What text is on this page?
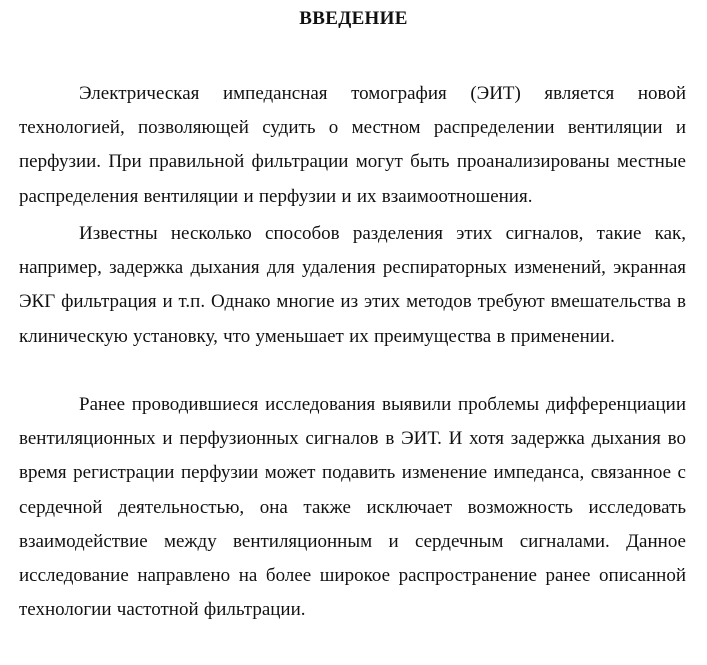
ВВЕДЕНИЕ

Электрическая импедансная томография (ЭИТ) является новой технологией, позволяющей судить о местном распределении вентиляции и перфузии. При правильной фильтрации могут быть проанализированы местные распределения вентиляции и перфузии и их взаимоотношения.

Известны несколько способов разделения этих сигналов, такие как, например, задержка дыхания для удаления респираторных изменений, экранная ЭКГ фильтрация и т.п. Однако многие из этих методов требуют вмешательства в клиническую установку, что уменьшает их преимущества в применении.

Ранее проводившиеся исследования выявили проблемы дифференциации вентиляционных и перфузионных сигналов в ЭИТ. И хотя задержка дыхания во время регистрации перфузии может подавить изменение импеданса, связанное с сердечной деятельностью, она также исключает возможность исследовать взаимодействие между вентиляционным и сердечным сигналами. Данное исследование направлено на более широкое распространение ранее описанной технологии частотной фильтрации.
